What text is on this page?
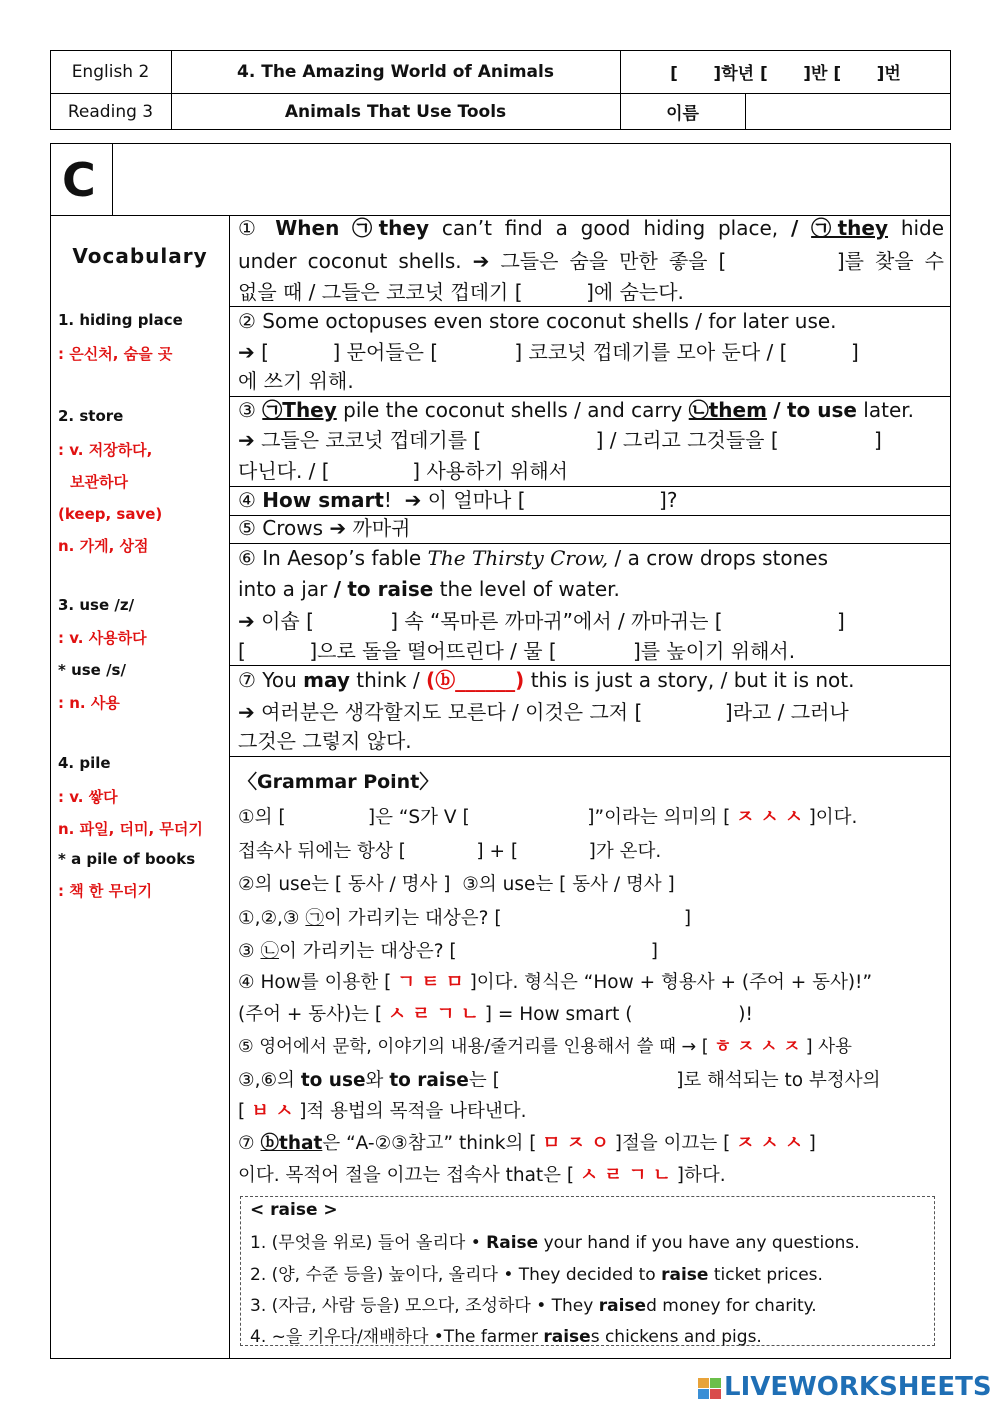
English 2	4. The Amazing World of Animals	[      ]학년 [      ]반 [      ]번
Reading 3	Animals That Use Tools	이름
C
Vocabulary
1. hiding place
: 은신처, 숨을 곳
2. store
: v. 저장하다,
보관하다
(keep, save)
n. 가게, 상점
3. use /z/
: v. 사용하다
* use /s/
: n. 사용
4. pile
: v. 쌓다
n. 파일, 더미, 무더기
* a pile of books
: 책 한 무더기
① When ㉠they can’t find a good hiding place, / ㉠they hide
under coconut shells. ➔ 그들은 숨을 만한 좋을 [          ]를 찾을 수
없을 때 / 그들은 코코넛 껍데기 [          ]에 숨는다.
② Some octopuses even store coconut shells / for later use.
➔ [          ] 문어들은 [            ] 코코넛 껍데기를 모아 둔다 / [          ]
에 쓰기 위해.
③ ㉠They pile the coconut shells / and carry ㉡them / to use later.
➔ 그들은 코코넛 껍데기를 [                  ] / 그리고 그것들을 [               ]
다닌다. / [             ] 사용하기 위해서
④ How smart!  ➔ 이 얼마나 [                     ]?
⑤ Crows ➔ 까마귀
⑥ In Aesop’s fable The Thirsty Crow, / a crow drops stones
into a jar / to raise the level of water.
➔ 이솝 [            ] 속 “목마른 까마귀”에서 / 까마귀는 [                  ]
[          ]으로 돌을 떨어뜨린다 / 물 [            ]를 높이기 위해서.
⑦ You may think / (ⓑ______) this is just a story, / but it is not.
➔ 여러분은 생각할지도 모른다 / 이것은 그저 [             ]라고 / 그러나
그것은 그렇지 않다.
〈Grammar Point〉
①의 [              ]은 “S가 V [                    ]”이라는 의미의 [ ㅈ ㅅ ㅅ ]이다.
접속사 뒤에는 항상 [            ] + [            ]가 온다.
②의 use는 [ 동사 / 명사 ]  ③의 use는 [ 동사 / 명사 ]
①,②,③ ㉠이 가리키는 대상은? [                               ]
③ ㉡이 가리키는 대상은? [                                 ]
④ How를 이용한 [ ㄱ ㅌ ㅁ ]이다. 형식은 “How + 형용사 + (주어 + 동사)!”
(주어 + 동사)는 [ ㅅ ㄹ ㄱ ㄴ ] = How smart (                  )!
⑤ 영어에서 문학, 이야기의 내용/줄거리를 인용해서 쓸 때 → [ ㅎ ㅈ ㅅ ㅈ ] 사용
③,⑥의 to use와 to raise는 [                              ]로 해석되는 to 부정사의
[ ㅂ ㅅ ]적 용법의 목적을 나타낸다.
⑦ ⓑthat은 “A-②③참고” think의 [ ㅁ ㅈ ㅇ ]절을 이끄는 [ ㅈ ㅅ ㅅ ]
이다. 목적어 절을 이끄는 접속사 that은 [ ㅅ ㄹ ㄱ ㄴ ]하다.
< raise >
1. (무엇을 위로) 들어 올리다 • Raise your hand if you have any questions.
2. (양, 수준 등을) 높이다, 올리다 • They decided to raise ticket prices.
3. (자금, 사람 등을) 모으다, 조성하다 • They raised money for charity.
4. ~을 키우다/재배하다 •The farmer raises chickens and pigs.
LIVEWORKSHEETS
